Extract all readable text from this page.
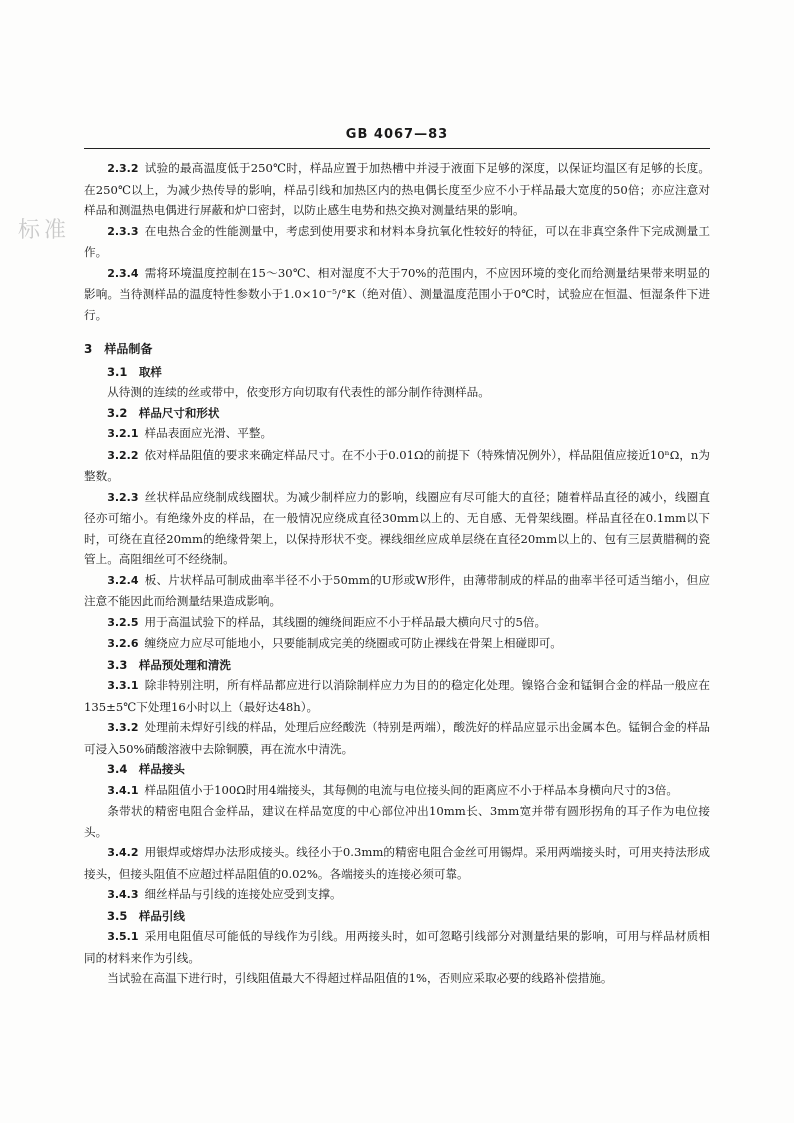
GB 4067—83
标准

2.3.2 试验的最高温度低于250℃时，样品应置于加热槽中并浸于液面下足够的深度，以保证均温区有足够的长度。在250℃以上，为减少热传导的影响，样品引线和加热区内的热电偶长度至少应不小于样品最大宽度的50倍；亦应注意对样品和测温热电偶进行屏蔽和炉口密封，以防止感生电势和热交换对测量结果的影响。

2.3.3 在电热合金的性能测量中，考虑到使用要求和材料本身抗氧化性较好的特征，可以在非真空条件下完成测量工作。

2.3.4 需将环境温度控制在15～30℃、相对湿度不大于70%的范围内，不应因环境的变化而给测量结果带来明显的影响。当待测样品的温度特性参数小于1.0×10⁻⁵/°K（绝对值）、测量温度范围小于0℃时，试验应在恒温、恒湿条件下进行。

3　样品制备

3.1　取样

从待测的连续的丝或带中，依变形方向切取有代表性的部分制作待测样品。

3.2　样品尺寸和形状

3.2.1 样品表面应光滑、平整。

3.2.2 依对样品阻值的要求来确定样品尺寸。在不小于0.01Ω的前提下（特殊情况例外），样品阻值应接近10ⁿΩ，n为整数。

3.2.3 丝状样品应绕制成线圈状。为减少制样应力的影响，线圈应有尽可能大的直径；随着样品直径的减小，线圈直径亦可缩小。有绝缘外皮的样品，在一般情况应绕成直径30mm以上的、无自感、无骨架线圈。样品直径在0.1mm以下时，可绕在直径20mm的绝缘骨架上，以保持形状不变。裸线细丝应成单层绕在直径20mm以上的、包有三层黄腊稠的瓷管上。高阻细丝可不经绕制。

3.2.4 板、片状样品可制成曲率半径不小于50mm的U形或W形件，由薄带制成的样品的曲率半径可适当缩小，但应注意不能因此而给测量结果造成影响。

3.2.5 用于高温试验下的样品，其线圈的缠绕间距应不小于样品最大横向尺寸的5倍。

3.2.6 缠绕应力应尽可能地小，只要能制成完美的绕圈或可防止裸线在骨架上相碰即可。

3.3　样品预处理和清洗

3.3.1 除非特别注明，所有样品都应进行以消除制样应力为目的的稳定化处理。镍铬合金和锰铜合金的样品一般应在135±5℃下处理16小时以上（最好达48h）。

3.3.2 处理前未焊好引线的样品，处理后应经酸洗（特别是两端），酸洗好的样品应显示出金属本色。锰铜合金的样品可浸入50%硝酸溶液中去除铜膜，再在流水中清洗。

3.4　样品接头

3.4.1 样品阻值小于100Ω时用4端接头，其每侧的电流与电位接头间的距离应不小于样品本身横向尺寸的3倍。

条带状的精密电阻合金样品，建议在样品宽度的中心部位冲出10mm长、3mm宽并带有圆形拐角的耳子作为电位接头。

3.4.2 用银焊或熔焊办法形成接头。线径小于0.3mm的精密电阻合金丝可用锡焊。采用两端接头时，可用夹持法形成接头，但接头阻值不应超过样品阻值的0.02%。各端接头的连接必须可靠。

3.4.3 细丝样品与引线的连接处应受到支撑。

3.5　样品引线

3.5.1 采用电阻值尽可能低的导线作为引线。用两接头时，如可忽略引线部分对测量结果的影响，可用与样品材质相同的材料来作为引线。

当试验在高温下进行时，引线阻值最大不得超过样品阻值的1%，否则应采取必要的线路补偿措施。
